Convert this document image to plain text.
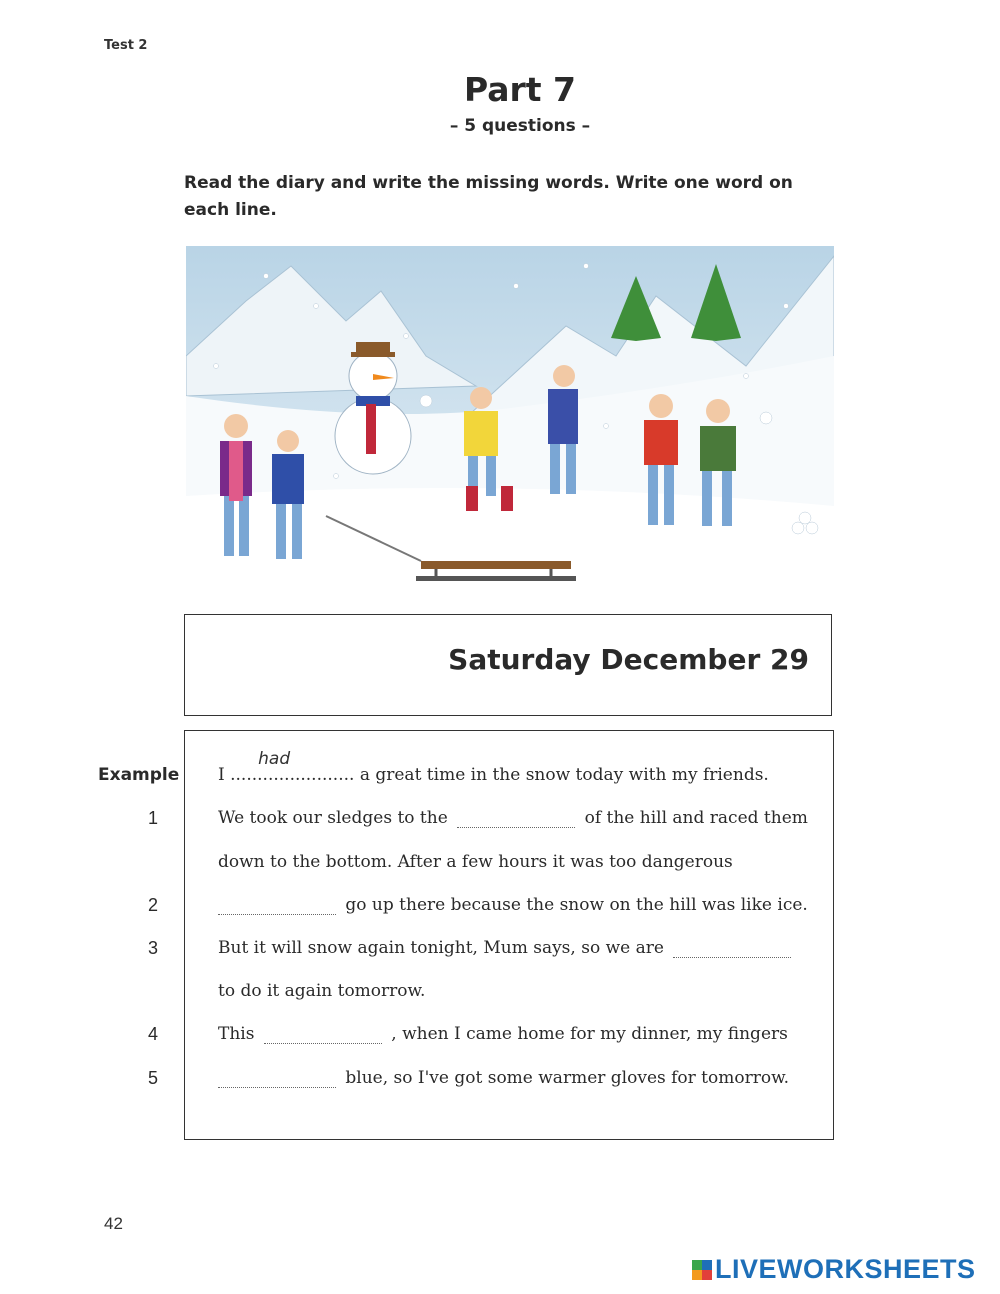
Test 2
Part 7
– 5 questions –
Read the diary and write the missing words. Write one word on each line.
Saturday December 29
Example I .......................
had
a great time in the snow today with my friends.
1	We took our sledges to the	of the hill and raced them
down to the bottom. After a few hours it was too dangerous
2	go up there because the snow on the hill was like ice.
3	But it will snow again tonight, Mum says, so we are
to do it again tomorrow.
4	This	, when I came home for my dinner, my fingers
5	blue, so I've got some warmer gloves for tomorrow.
42
LIVEWORKSHEETS
